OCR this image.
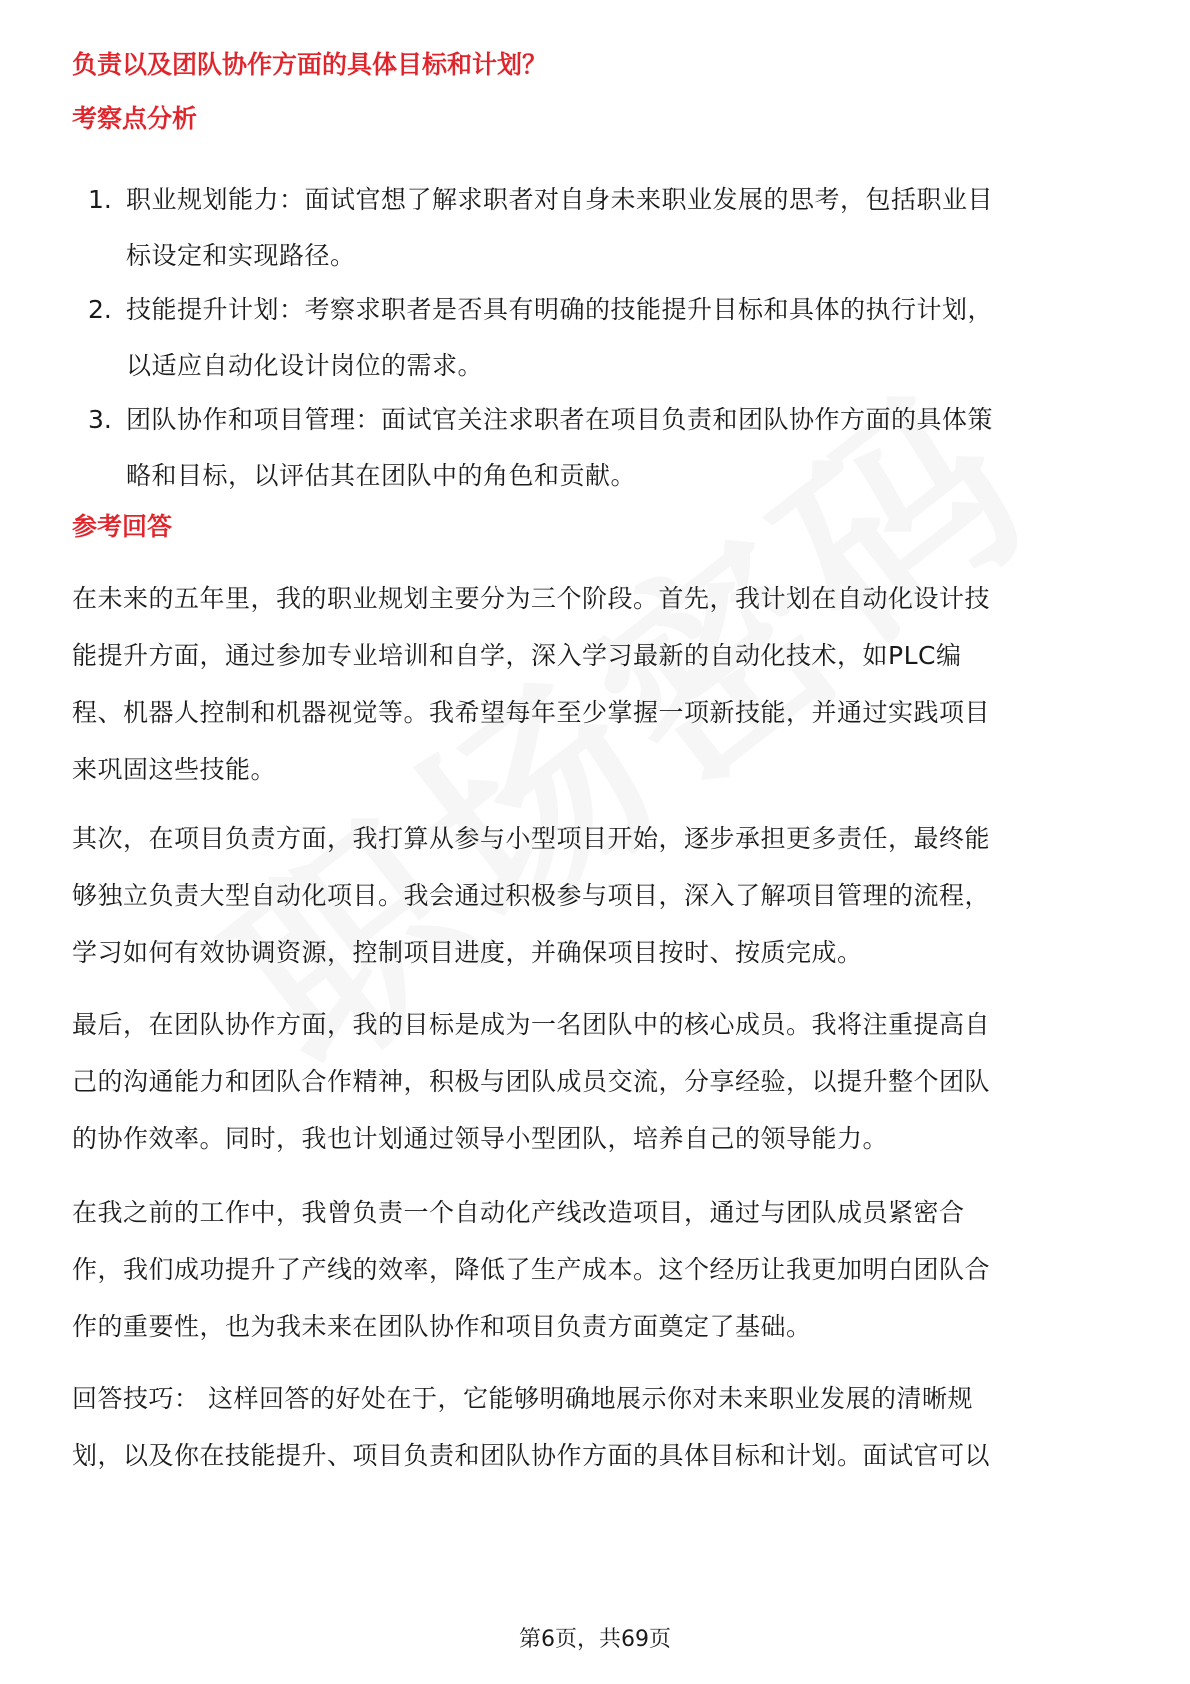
负责以及团队协作方面的具体目标和计划？
考察点分析
1. 职业规划能力：面试官想了解求职者对自身未来职业发展的思考，包括职业目
标设定和实现路径。
2. 技能提升计划：考察求职者是否具有明确的技能提升目标和具体的执行计划，
以适应自动化设计岗位的需求。
3. 团队协作和项目管理：面试官关注求职者在项目负责和团队协作方面的具体策
略和目标，以评估其在团队中的角色和贡献。
参考回答
在未来的五年里，我的职业规划主要分为三个阶段。首先，我计划在自动化设计技
能提升方面，通过参加专业培训和自学，深入学习最新的自动化技术，如PLC编
程、机器人控制和机器视觉等。我希望每年至少掌握一项新技能，并通过实践项目
来巩固这些技能。
其次，在项目负责方面，我打算从参与小型项目开始，逐步承担更多责任，最终能
够独立负责大型自动化项目。我会通过积极参与项目，深入了解项目管理的流程，
学习如何有效协调资源，控制项目进度，并确保项目按时、按质完成。
最后，在团队协作方面，我的目标是成为一名团队中的核心成员。我将注重提高自
己的沟通能力和团队合作精神，积极与团队成员交流，分享经验，以提升整个团队
的协作效率。同时，我也计划通过领导小型团队，培养自己的领导能力。
在我之前的工作中，我曾负责一个自动化产线改造项目，通过与团队成员紧密合
作，我们成功提升了产线的效率，降低了生产成本。这个经历让我更加明白团队合
作的重要性，也为我未来在团队协作和项目负责方面奠定了基础。
回答技巧： 这样回答的好处在于，它能够明确地展示你对未来职业发展的清晰规
划，以及你在技能提升、项目负责和团队协作方面的具体目标和计划。面试官可以
第6页，共69页
